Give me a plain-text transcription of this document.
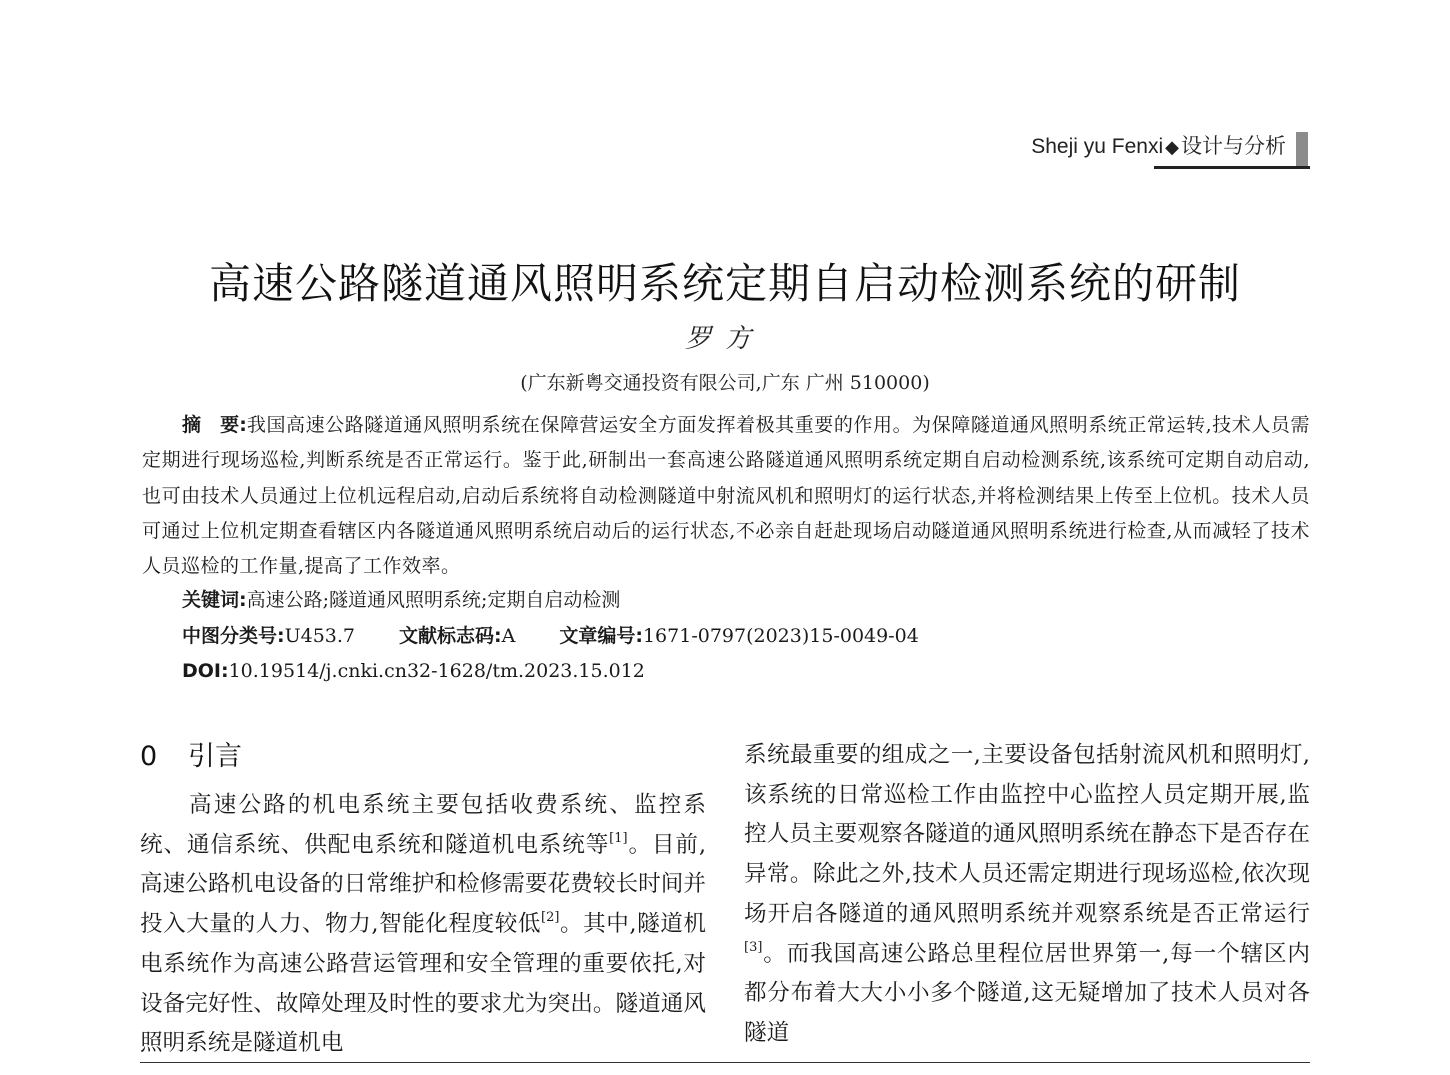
Sheji yu Fenxi ◆设计与分析
高速公路隧道通风照明系统定期自启动检测系统的研制
罗方
(广东新粤交通投资有限公司,广东 广州 510000)
摘　要:我国高速公路隧道通风照明系统在保障营运安全方面发挥着极其重要的作用。为保障隧道通风照明系统正常运转,技术人员需定期进行现场巡检,判断系统是否正常运行。鉴于此,研制出一套高速公路隧道通风照明系统定期自启动检测系统,该系统可定期自动启动,也可由技术人员通过上位机远程启动,启动后系统将自动检测隧道中射流风机和照明灯的运行状态,并将检测结果上传至上位机。技术人员可通过上位机定期查看辖区内各隧道通风照明系统启动后的运行状态,不必亲自赶赴现场启动隧道通风照明系统进行检查,从而减轻了技术人员巡检的工作量,提高了工作效率。
关键词:高速公路;隧道通风照明系统;定期自启动检测
中图分类号:U453.7 文献标志码:A 文章编号:1671-0797(2023)15-0049-04
DOI:10.19514/j.cnki.cn32-1628/tm.2023.15.012
0 引言
高速公路的机电系统主要包括收费系统、监控系统、通信系统、供配电系统和隧道机电系统等[1]。目前,高速公路机电设备的日常维护和检修需要花费较长时间并投入大量的人力、物力,智能化程度较低[2]。其中,隧道机电系统作为高速公路营运管理和安全管理的重要依托,对设备完好性、故障处理及时性的要求尤为突出。隧道通风照明系统是隧道机电
系统最重要的组成之一,主要设备包括射流风机和照明灯,该系统的日常巡检工作由监控中心监控人员定期开展,监控人员主要观察各隧道的通风照明系统在静态下是否存在异常。除此之外,技术人员还需定期进行现场巡检,依次现场开启各隧道的通风照明系统并观察系统是否正常运行[3]。而我国高速公路总里程位居世界第一,每一个辖区内都分布着大大小小多个隧道,这无疑增加了技术人员对各隧道
